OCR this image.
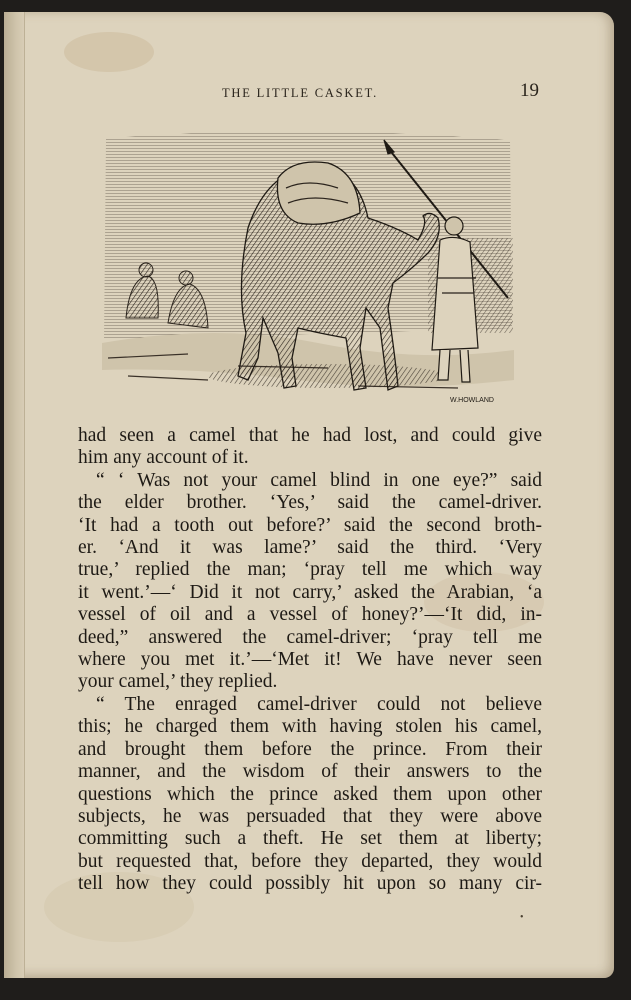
THE LITTLE CASKET.	19
W.HOWLAND
had seen a camel that he had lost, and could give
him any account of it.
“ ‘ Was not your camel blind in one eye?” said
the elder brother. ‘Yes,’ said the camel-driver.
‘It had a tooth out before?’ said the second broth-
er. ‘And it was lame?’ said the third. ‘Very
true,’ replied the man; ‘pray tell me which way
it went.’—‘ Did it not carry,’ asked the Arabian, ‘a
vessel of oil and a vessel of honey?’—‘It did, in-
deed,” answered the camel-driver; ‘pray tell me
where you met it.’—‘Met it! We have never seen
your camel,’ they replied.
“ The enraged camel-driver could not believe
this; he charged them with having stolen his camel,
and brought them before the prince. From their
manner, and the wisdom of their answers to the
questions which the prince asked them upon other
subjects, he was persuaded that they were above
committing such a theft. He set them at liberty;
but requested that, before they departed, they would
tell how they could possibly hit upon so many cir-
•
